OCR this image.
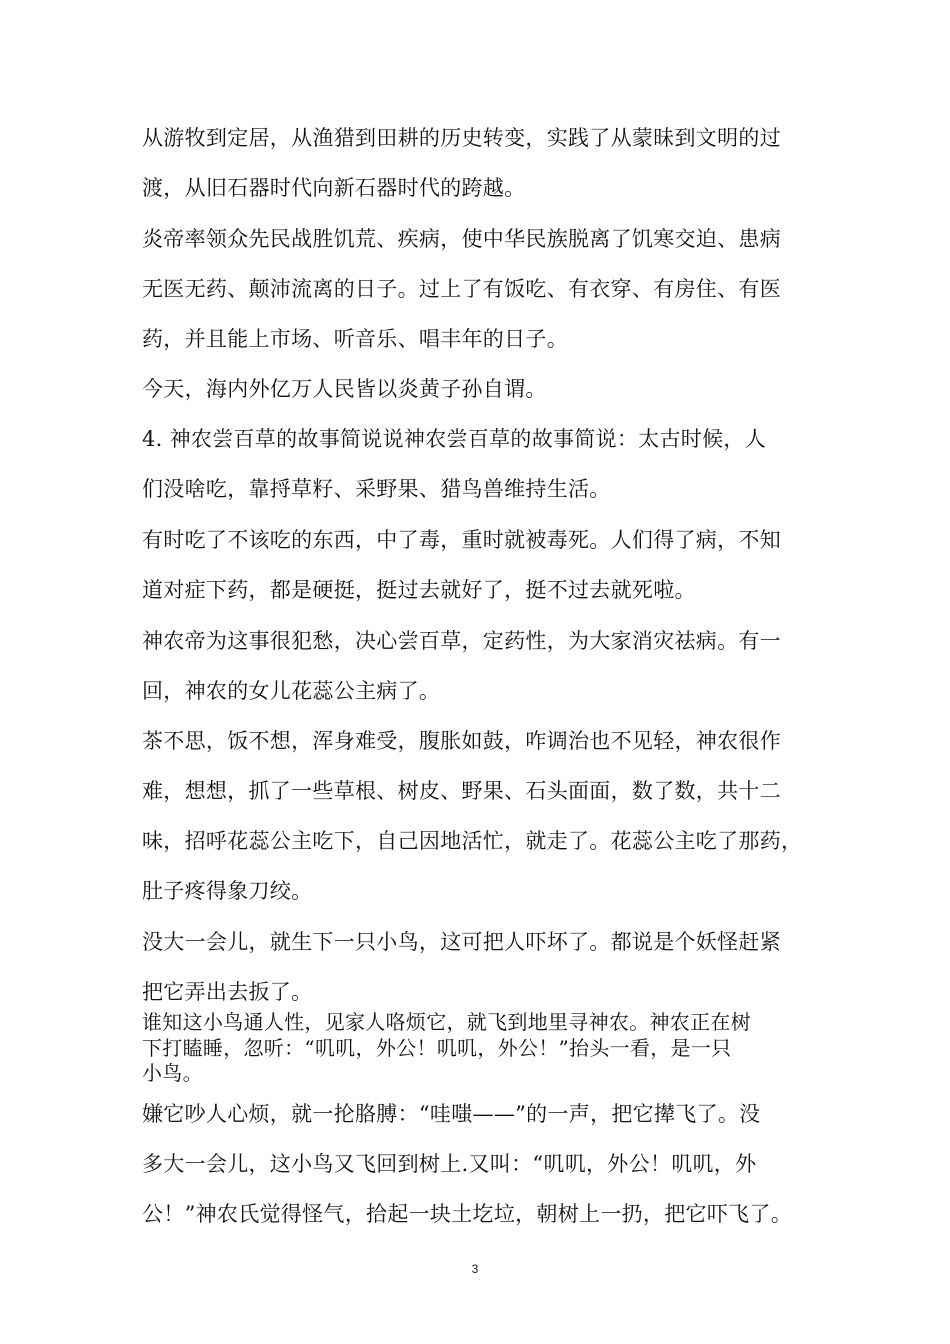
从游牧到定居，从渔猎到田耕的历史转变，实践了从蒙昧到文明的过
渡，从旧石器时代向新石器时代的跨越。
炎帝率领众先民战胜饥荒、疾病，使中华民族脱离了饥寒交迫、患病
无医无药、颠沛流离的日子。过上了有饭吃、有衣穿、有房住、有医
药，并且能上市场、听音乐、唱丰年的日子。
今天，海内外亿万人民皆以炎黄子孙自谓。
4. 神农尝百草的故事简说说神农尝百草的故事简说：太古时候，人
们没啥吃，靠捋草籽、采野果、猎鸟兽维持生活。
有时吃了不该吃的东西，中了毒，重时就被毒死。人们得了病，不知
道对症下药，都是硬挺，挺过去就好了，挺不过去就死啦。
神农帝为这事很犯愁，决心尝百草，定药性，为大家消灾祛病。有一
回，神农的女儿花蕊公主病了。
茶不思，饭不想，浑身难受，腹胀如鼓，咋调治也不见轻，神农很作
难，想想，抓了一些草根、树皮、野果、石头面面，数了数，共十二
味，招呼花蕊公主吃下，自己因地活忙，就走了。花蕊公主吃了那药，
肚子疼得象刀绞。
没大一会儿，就生下一只小鸟，这可把人吓坏了。都说是个妖怪赶紧
把它弄出去扳了。
谁知这小鸟通人性，见家人咯烦它，就飞到地里寻神农。神农正在树
下打瞌睡，忽听：“叽叽，外公！叽叽，外公！”抬头一看，是一只
小鸟。
嫌它吵人心烦，就一抡胳膊：“哇嗤——”的一声，把它撵飞了。没
多大一会儿，这小鸟又飞回到树上.又叫：“叽叽，外公！叽叽，外
公！”神农氏觉得怪气，拾起一块土圪垃，朝树上一扔，把它吓飞了。
3
